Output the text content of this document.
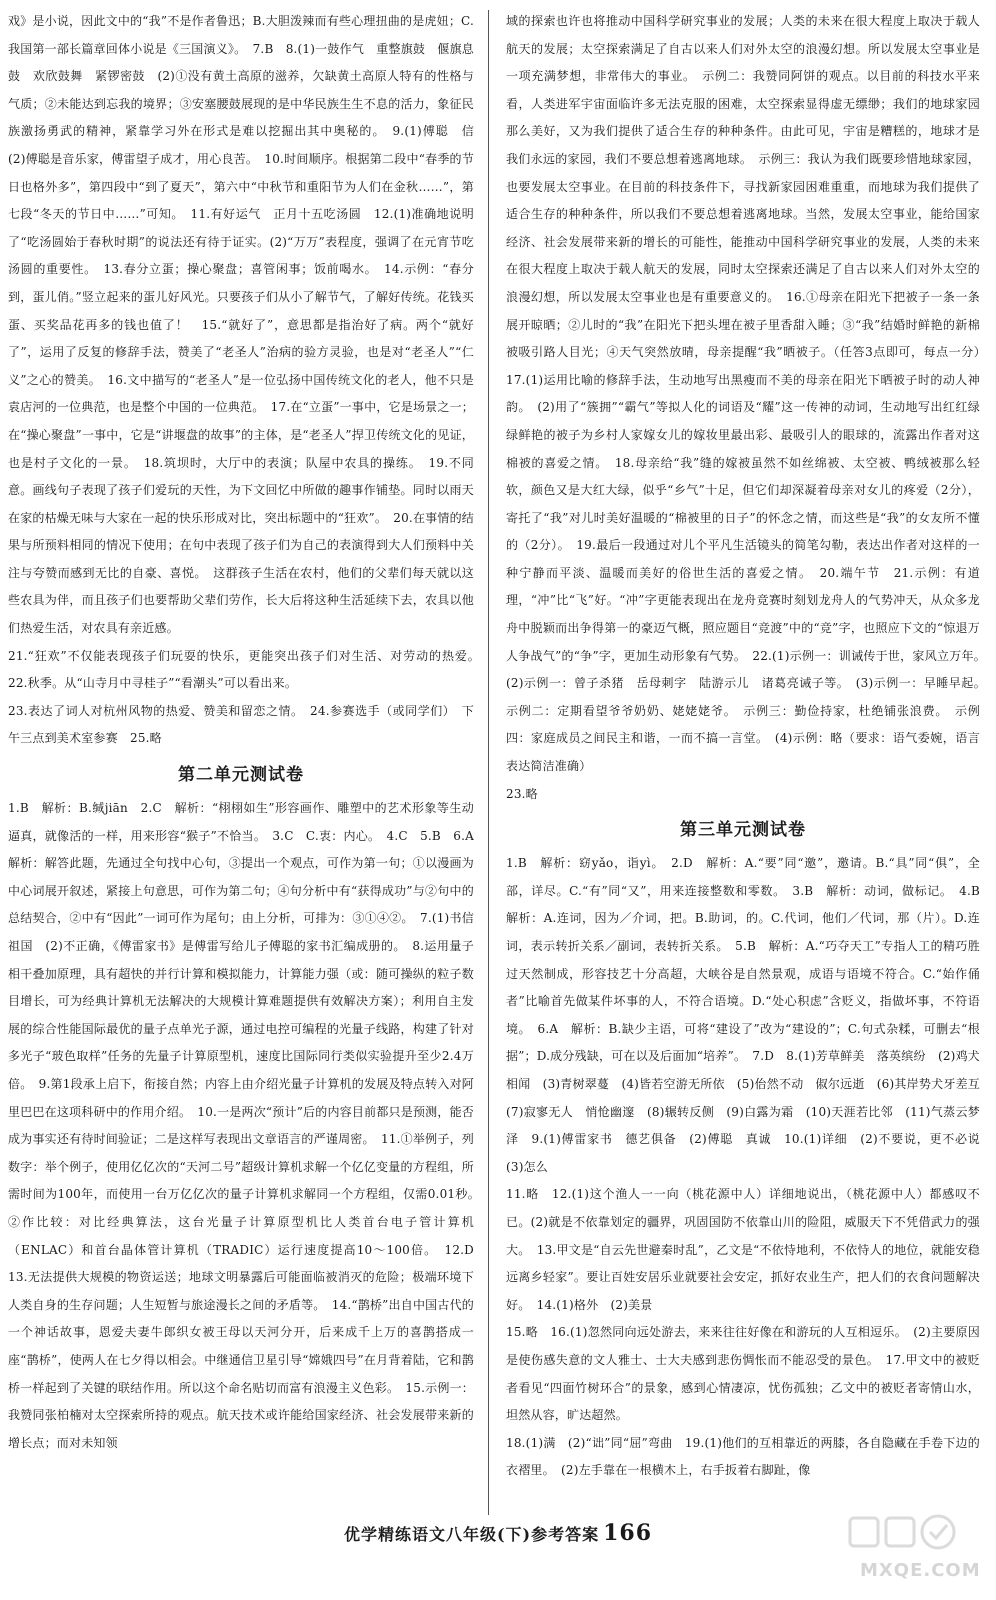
戏》是小说，因此文中的“我”不是作者鲁迅；B.大胆泼辣而有些心理扭曲的是虎妞；C.我国第一部长篇章回体小说是《三国演义》。　7.B　8.(1)一鼓作气　重整旗鼓　偃旗息鼓　欢欣鼓舞　紧锣密鼓　(2)①没有黄土高原的滋养，欠缺黄土高原人特有的性格与气质；②未能达到忘我的境界；③安塞腰鼓展现的是中华民族生生不息的活力，象征民族激扬勇武的精神，紧靠学习外在形式是难以挖掘出其中奥秘的。　9.(1)傅聪　信　(2)傅聪是音乐家，傅雷望子成才，用心良苦。　10.时间顺序。根据第二段中“春季的节日也格外多”，第四段中“到了夏天”，第六中“中秋节和重阳节为人们在金秋……”，第七段“冬天的节日中……”可知。　11.有好运气　正月十五吃汤圆　12.(1)准确地说明了“吃汤圆始于春秋时期”的说法还有待于证实。(2)“万万”表程度，强调了在元宵节吃汤圆的重要性。　13.春分立蛋；操心聚盘；喜管闲事；饭前喝水。　14.示例：“春分到，蛋儿俏。”竖立起来的蛋儿好风光。只要孩子们从小了解节气，了解好传统。花钱买蛋、买奖品花再多的钱也值了！　15.“就好了”，意思都是指治好了病。两个“就好了”，运用了反复的修辞手法，赞美了“老圣人”治病的验方灵验，也是对“老圣人”“仁义”之心的赞美。　16.文中描写的“老圣人”是一位弘扬中国传统文化的老人，他不只是袁店河的一位典范，也是整个中国的一位典范。　17.在“立蛋”一事中，它是场景之一；在“操心聚盘”一事中，它是“讲堰盘的故事”的主体，是“老圣人”捍卫传统文化的见证，也是村子文化的一景。　18.筑坝时，大厅中的表演；队屋中农具的操练。　19.不同意。画线句子表现了孩子们爱玩的天性，为下文回忆中所做的趣事作铺垫。同时以雨天在家的枯燥无味与大家在一起的快乐形成对比，突出标题中的“狂欢”。　20.在事情的结果与所预料相同的情况下使用；在句中表现了孩子们为自己的表演得到大人们预料中关注与夸赞而感到无比的自豪、喜悦。　这群孩子生活在农村，他们的父辈们每天就以这些农具为伴，而且孩子们也要帮助父辈们劳作，长大后将这种生活延续下去，农具以他们热爱生活，对农具有亲近感。

21.“狂欢”不仅能表现孩子们玩耍的快乐，更能突出孩子们对生活、对劳动的热爱。　22.秋季。从“山寺月中寻桂子”“看潮头”可以看出来。

23.表达了词人对杭州风物的热爱、赞美和留恋之情。　24.参赛选手（或同学们）　下午三点到美术室参赛　25.略

第二单元测试卷

1.B　解析：B.缄jiān　2.C　解析：“栩栩如生”形容画作、雕塑中的艺术形象等生动逼真，就像活的一样，用来形容“猴子”不恰当。　3.C　C.衷：内心。　4.C　5.B　6.A　解析：解答此题，先通过全句找中心句，③提出一个观点，可作为第一句；①以漫画为中心词展开叙述，紧接上句意思，可作为第二句；④句分析中有“获得成功”与②句中的总结契合，②中有“因此”一词可作为尾句；由上分析，可排为：③①④②。　7.(1)书信　祖国　(2)不正确，《傅雷家书》是傅雷写给儿子傅聪的家书汇编成册的。　8.运用量子相干叠加原理，具有超快的并行计算和模拟能力，计算能力强（或：随可操纵的粒子数目增长，可为经典计算机无法解决的大规模计算难题提供有效解决方案）；利用自主发展的综合性能国际最优的量子点单光子源，通过电控可编程的光量子线路，构建了针对多光子“玻色取样”任务的先量子计算原型机，速度比国际同行类似实验提升至少2.4万倍。　9.第1段承上启下，衔接自然；内容上由介绍光量子计算机的发展及特点转入对阿里巴巴在这项科研中的作用介绍。　10.一是两次“预计”后的内容目前都只是预测，能否成为事实还有待时间验证；二是这样写表现出文章语言的严谨周密。　11.①举例子，列数字：举个例子，使用亿亿次的“天河二号”超级计算机求解一个亿亿变量的方程组，所需时间为100年，而使用一台万亿亿次的量子计算机求解同一个方程组，仅需0.01秒。　②作比较：对比经典算法，这台光量子计算原型机比人类首台电子管计算机（ENLAC）和首台晶体管计算机（TRADIC）运行速度提高10～100倍。　12.D　13.无法提供大规模的物资运送；地球文明暴露后可能面临被消灭的危险；极端环境下人类自身的生存问题；人生短暂与旅途漫长之间的矛盾等。　14.“鹊桥”出自中国古代的一个神话故事，恩爱夫妻牛郎织女被王母以天河分开，后来成千上万的喜鹊搭成一座“鹊桥”，使两人在七夕得以相会。中继通信卫星引导“嫦娥四号”在月背着陆，它和鹊桥一样起到了关键的联结作用。所以这个命名贴切而富有浪漫主义色彩。　15.示例一：我赞同张柏楠对太空探索所持的观点。航天技术或许能给国家经济、社会发展带来新的增长点；而对未知领

域的探索也许也将推动中国科学研究事业的发展；人类的未来在很大程度上取决于载人航天的发展；太空探索满足了自古以来人们对外太空的浪漫幻想。所以发展太空事业是一项充满梦想，非常伟大的事业。　示例二：我赞同阿饼的观点。以目前的科技水平来看，人类进军宇宙面临许多无法克服的困难，太空探索显得虚无缥缈；我们的地球家园那么美好，又为我们提供了适合生存的种种条件。由此可见，宇宙是糟糕的，地球才是我们永远的家园，我们不要总想着逃离地球。　示例三：我认为我们既要珍惜地球家园，也要发展太空事业。在目前的科技条件下，寻找新家园困难重重，而地球为我们提供了适合生存的种种条件，所以我们不要总想着逃离地球。当然，发展太空事业，能给国家经济、社会发展带来新的增长的可能性，能推动中国科学研究事业的发展，人类的未来在很大程度上取决于载人航天的发展，同时太空探索还满足了自古以来人们对外太空的浪漫幻想，所以发展太空事业也是有重要意义的。　16.①母亲在阳光下把被子一条一条展开晾晒；②儿时的“我”在阳光下把头埋在被子里香甜入睡；③“我”结婚时鲜艳的新棉被吸引路人目光；④天气突然放晴，母亲提醒“我”晒被子。（任答3点即可，每点一分）　17.(1)运用比喻的修辞手法，生动地写出黑瘦而不美的母亲在阳光下晒被子时的动人神韵。　(2)用了“簇拥”“霸气”等拟人化的词语及“耀”这一传神的动词，生动地写出红红绿绿鲜艳的被子为乡村人家嫁女儿的嫁妆里最出彩、最吸引人的眼球的，流露出作者对这棉被的喜爱之情。　18.母亲给“我”缝的嫁被虽然不如丝绵被、太空被、鸭绒被那么轻软，颜色又是大红大绿，似乎“乡气”十足，但它们却深凝着母亲对女儿的疼爱（2分），寄托了“我”对儿时美好温暖的“棉被里的日子”的怀念之情，而这些是“我”的女友所不懂的（2分）。　19.最后一段通过对儿个平凡生活镜头的简笔勾勒，表达出作者对这样的一种宁静而平淡、温暖而美好的俗世生活的喜爱之情。　20.端午节　21.示例：有道理，“冲”比“飞”好。“冲”字更能表现出在龙舟竞赛时刻划龙舟人的气势冲天，从众多龙舟中脱颖而出争得第一的豪迈气概，照应题目“竞渡”中的“竞”字，也照应下文的“惊退万人争战气”的“争”字，更加生动形象有气势。　22.(1)示例一：训诫传于世，家风立万年。　(2)示例一：曾子杀猪　岳母刺字　陆游示儿　诸葛亮诫子等。　(3)示例一：早睡早起。　示例二：定期看望爷爷奶奶、姥姥姥爷。　示例三：勤俭持家，杜绝铺张浪费。　示例四：家庭成员之间民主和谐，一而不搞一言堂。　(4)示例：略（要求：语气委婉，语言表达简洁准确）

23.略

第三单元测试卷

1.B　解析：窈yǎo，诣yì。　2.D　解析：A.“要”同“邀”，邀请。B.“具”同“俱”，全部，详尽。C.“有”同“又”，用来连接整数和零数。　3.B　解析：动词，做标记。　4.B　解析：A.连词，因为／介词，把。B.助词，的。C.代词，他们／代词，那（片）。D.连词，表示转折关系／副词，表转折关系。　5.B　解析：A.“巧夺天工”专指人工的精巧胜过天然制成，形容技艺十分高超，大峡谷是自然景观，成语与语境不符合。C.“始作俑者”比喻首先做某件坏事的人，不符合语境。D.“处心积虑”含贬义，指做坏事，不符语境。　6.A　解析：B.缺少主语，可将“建设了”改为“建设的”；C.句式杂糅，可删去“根据”；D.成分残缺，可在以及后面加“培养”。　7.D　8.(1)芳草鲜美　落英缤纷　(2)鸡犬相闻　(3)青树翠蔓　(4)皆若空游无所依　(5)佁然不动　俶尔远逝　(6)其岸势犬牙差互　(7)寂寥无人　悄怆幽邃　(8)辗转反侧　(9)白露为霜　(10)天涯若比邻　(11)气蒸云梦泽　9.(1)傅雷家书　德艺俱备　(2)傅聪　真诚　10.(1)详细　(2)不要说，更不必说　(3)怎么

11.略　12.(1)这个渔人一一向（桃花源中人）详细地说出，（桃花源中人）都感叹不已。(2)就是不依靠划定的疆界，巩固国防不依靠山川的险阻，威服天下不凭借武力的强大。　13.甲文是“自云先世避秦时乱”，乙文是“不依恃地利，不依恃人的地位，就能安稳远离乡轻家”。要让百姓安居乐业就要社会安定，抓好农业生产，把人们的衣食问题解决好。　14.(1)格外　(2)美景

15.略　16.(1)忽然同向远处游去，来来往往好像在和游玩的人互相逗乐。　(2)主要原因是使伤感失意的文人雅士、士大夫感到悲伤惆怅而不能忍受的景色。　17.甲文中的被贬者看见“四面竹树环合”的景象，感到心情凄凉，忧伤孤独；乙文中的被贬者寄情山水，坦然从容，旷达超然。

18.(1)满　(2)“诎”同“屈”弯曲　19.(1)他们的互相靠近的两膝，各自隐藏在手卷下边的衣褶里。　(2)左手靠在一根横木上，右手扳着右脚趾，像

优学精练语文八年级(下)参考答案 166
MXQE.COM
